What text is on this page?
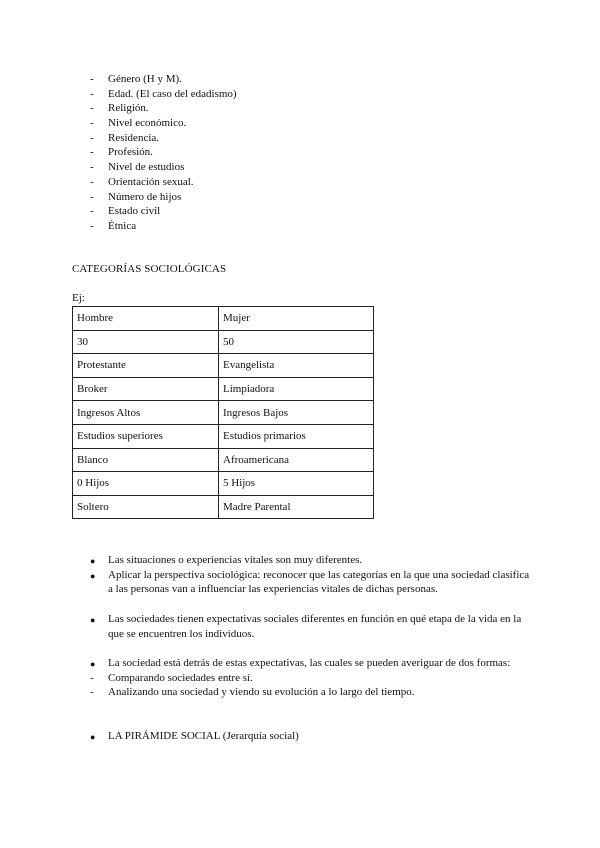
- Género (H y M).
- Edad. (El caso del edadismo)
- Religión.
- Nivel económico.
- Residencia.
- Profesión.
- Nivel de estudios
- Orientación sexual.
- Número de hijos
- Estado civil
- Étnica
CATEGORÍAS SOCIOLÓGICAS
Ej:
Hombre	Mujer
30	50
Protestante	Evangelista
Broker	Limpiadora
Ingresos Altos	Ingresos Bajos
Estudios superiores	Estudios primarios
Blanco	Afroamericana
0 Hijos	5 Hijos
Soltero	Madre Parental
● Las situaciones o experiencias vitales son muy diferentes.
● Aplicar la perspectiva sociológica: reconocer que las categorías en la que una sociedad clasifica a las personas van a influenciar las experiencias vitales de dichas personas.
● Las sociedades tienen expectativas sociales diferentes en función en qué etapa de la vida en la que se encuentren los individuos.
● La sociedad está detrás de estas expectativas, las cuales se pueden averiguar de dos formas:
- Comparando sociedades entre sí.
- Analizando una sociedad y viendo su evolución a lo largo del tiempo.
● LA PIRÁMIDE SOCIAL (Jerarquía social)
